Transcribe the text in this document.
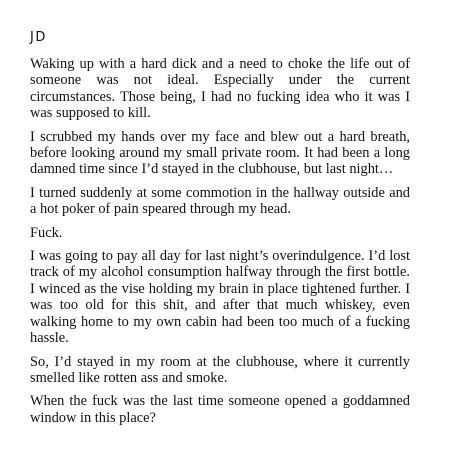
JD

Waking up with a hard dick and a need to choke the life out of someone was not ideal. Especially under the current circumstances. Those being, I had no fucking idea who it was I was supposed to kill.

I scrubbed my hands over my face and blew out a hard breath, before looking around my small private room. It had been a long damned time since I’d stayed in the clubhouse, but last night…

I turned suddenly at some commotion in the hallway outside and a hot poker of pain speared through my head.

Fuck.

I was going to pay all day for last night’s overindulgence. I’d lost track of my alcohol consumption halfway through the first bottle. I winced as the vise holding my brain in place tightened further. I was too old for this shit, and after that much whiskey, even walking home to my own cabin had been too much of a fucking hassle.

So, I’d stayed in my room at the clubhouse, where it currently smelled like rotten ass and smoke.

When the fuck was the last time someone opened a goddamned window in this place?
